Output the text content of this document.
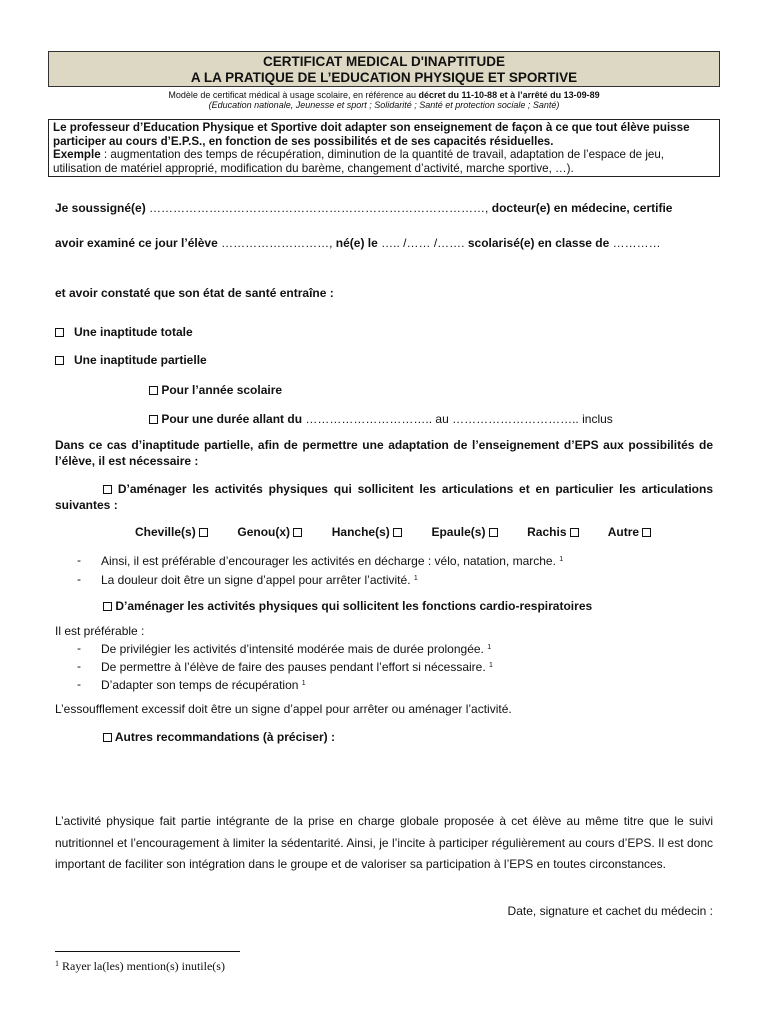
CERTIFICAT MEDICAL D'INAPTITUDE
A LA PRATIQUE DE L’EDUCATION PHYSIQUE ET SPORTIVE
Modèle de certificat médical à usage scolaire, en référence au décret du 11-10-88 et à l’arrêté du 13-09-89
(Education nationale, Jeunesse et sport ; Solidarité ; Santé et protection sociale ; Santé)
Le professeur d’Education Physique et Sportive doit adapter son enseignement de façon à ce que tout élève puisse participer au cours d’E.P.S., en fonction de ses possibilités et de ses capacités résiduelles.
Exemple : augmentation des temps de récupération, diminution de la quantité de travail, adaptation de l’espace de jeu, utilisation de matériel approprié, modification du barème, changement d’activité, marche sportive, …).
Je soussigné(e) …………………………………………………………………………, docteur(e) en médecine, certifie
avoir examiné ce jour l’élève ………………………, né(e) le ….. /…… /……. scolarisé(e) en classe de …………
et avoir constaté que son état de santé entraîne :
Une inaptitude totale
Une inaptitude partielle
Pour l’année scolaire
Pour une durée allant du ………………………….. au ………………………….. inclus
Dans ce cas d’inaptitude partielle, afin de permettre une adaptation de l’enseignement d’EPS aux possibilités de l’élève, il est nécessaire :
D’aménager les activités physiques qui sollicitent les articulations et en particulier les articulations suivantes :
Cheville(s)	Genou(x)	Hanche(s)	Epaule(s)	Rachis	Autre
- Ainsi, il est préférable d’encourager les activités en décharge : vélo, natation, marche. $^1$
- La douleur doit être un signe d’appel pour arrêter l’activité. $^1$
D’aménager les activités physiques qui sollicitent les fonctions cardio-respiratoires
Il est préférable :
- De privilégier les activités d’intensité modérée mais de durée prolongée. $^1$
- De permettre à l’élève de faire des pauses pendant l’effort si nécessaire. $^1$
- D’adapter son temps de récupération $^1$
L’essoufflement excessif doit être un signe d’appel pour arrêter ou aménager l’activité.
Autres recommandations (à préciser) :
L’activité physique fait partie intégrante de la prise en charge globale proposée à cet élève au même titre que le suivi nutritionnel et l’encouragement à limiter la sédentarité. Ainsi, je l’incite à participer régulièrement au cours d’EPS. Il est donc important de faciliter son intégration dans le groupe et de valoriser sa participation à l’EPS en toutes circonstances.
Date, signature et cachet du médecin :
$^1$ Rayer la(les) mention(s) inutile(s)
